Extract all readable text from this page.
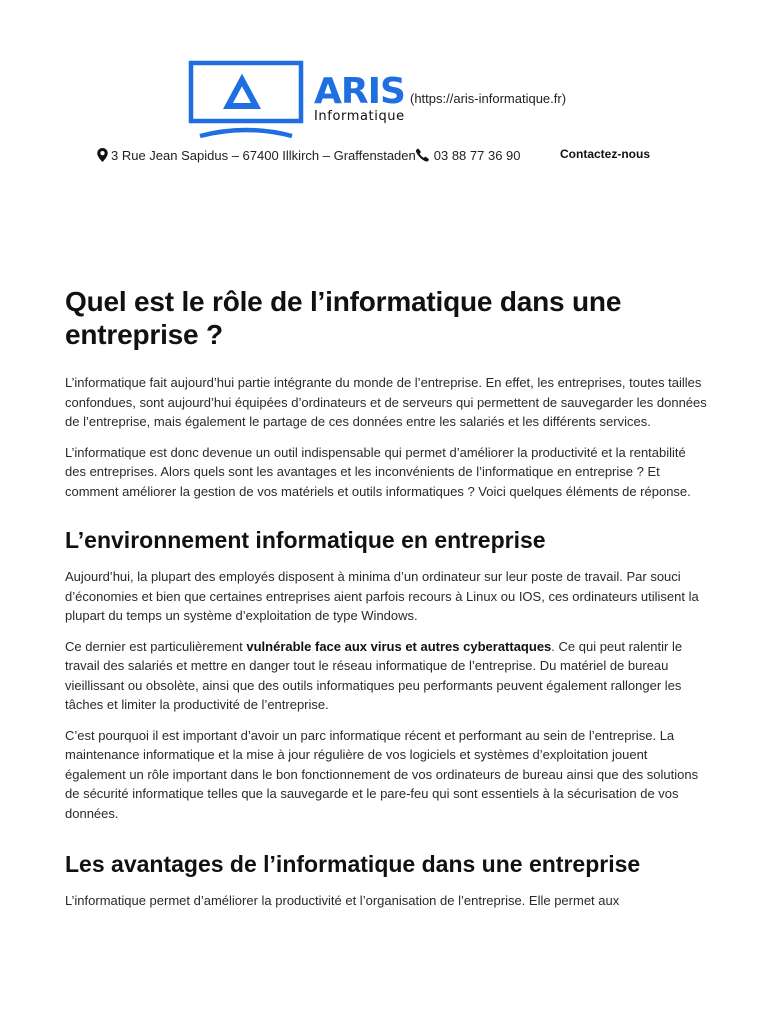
ARIS
Informatique
(https://aris-informatique.fr)
3 Rue Jean Sapidus – 67400 Illkirch – Graffenstaden 03 88 77 36 90	Contactez-nous
Quel est le rôle de l’informatique dans une entreprise ?

L’informatique fait aujourd’hui partie intégrante du monde de l’entreprise. En effet, les entreprises, toutes tailles confondues, sont aujourd’hui équipées d’ordinateurs et de serveurs qui permettent de sauvegarder les données de l’entreprise, mais également le partage de ces données entre les salariés et les différents services.

L’informatique est donc devenue un outil indispensable qui permet d’améliorer la productivité et la rentabilité des entreprises. Alors quels sont les avantages et les inconvénients de l’informatique en entreprise ? Et comment améliorer la gestion de vos matériels et outils informatiques ? Voici quelques éléments de réponse.

L’environnement informatique en entreprise

Aujourd’hui, la plupart des employés disposent à minima d’un ordinateur sur leur poste de travail. Par souci d’économies et bien que certaines entreprises aient parfois recours à Linux ou IOS, ces ordinateurs utilisent la plupart du temps un système d’exploitation de type Windows.

Ce dernier est particulièrement vulnérable face aux virus et autres cyberattaques. Ce qui peut ralentir le travail des salariés et mettre en danger tout le réseau informatique de l’entreprise. Du matériel de bureau vieillissant ou obsolète, ainsi que des outils informatiques peu performants peuvent également rallonger les tâches et limiter la productivité de l’entreprise.

C’est pourquoi il est important d’avoir un parc informatique récent et performant au sein de l’entreprise. La maintenance informatique et la mise à jour régulière de vos logiciels et systèmes d’exploitation jouent également un rôle important dans le bon fonctionnement de vos ordinateurs de bureau ainsi que des solutions de sécurité informatique telles que la sauvegarde et le pare-feu qui sont essentiels à la sécurisation de vos données.

Les avantages de l’informatique dans une entreprise

L’informatique permet d’améliorer la productivité et l’organisation de l’entreprise. Elle permet aux
